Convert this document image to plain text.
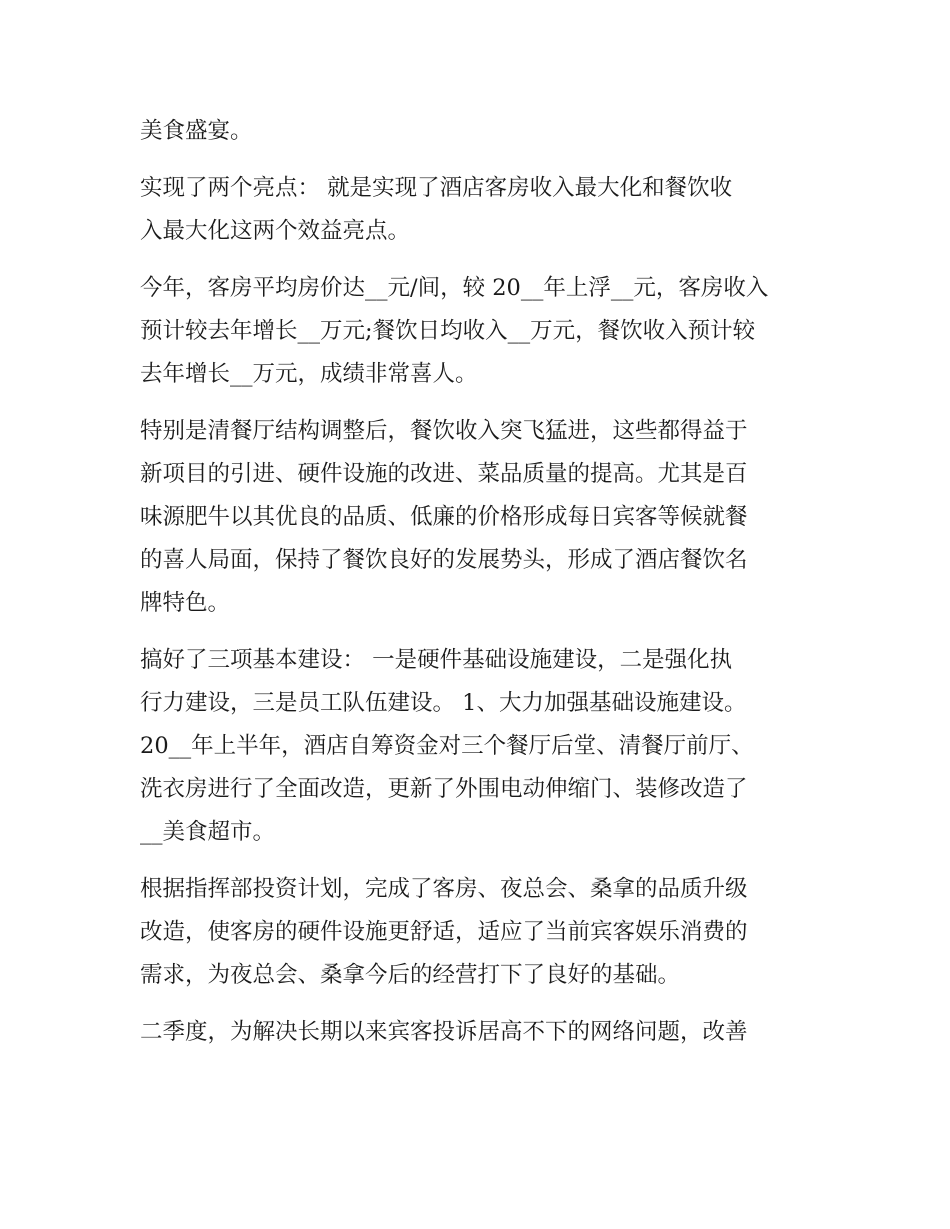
美食盛宴。
实现了两个亮点： 就是实现了酒店客房收入最大化和餐饮收
入最大化这两个效益亮点。
今年，客房平均房价达__元/间，较 20__年上浮__元，客房收入
预计较去年增长__万元;餐饮日均收入__万元，餐饮收入预计较
去年增长__万元，成绩非常喜人。
特别是清餐厅结构调整后，餐饮收入突飞猛进，这些都得益于
新项目的引进、硬件设施的改进、菜品质量的提高。尤其是百
味源肥牛以其优良的品质、低廉的价格形成每日宾客等候就餐
的喜人局面，保持了餐饮良好的发展势头，形成了酒店餐饮名
牌特色。
搞好了三项基本建设： 一是硬件基础设施建设，二是强化执
行力建设，三是员工队伍建设。 1、大力加强基础设施建设。
20__年上半年，酒店自筹资金对三个餐厅后堂、清餐厅前厅、
洗衣房进行了全面改造，更新了外围电动伸缩门、装修改造了
__美食超市。
根据指挥部投资计划，完成了客房、夜总会、桑拿的品质升级
改造，使客房的硬件设施更舒适，适应了当前宾客娱乐消费的
需求，为夜总会、桑拿今后的经营打下了良好的基础。
二季度，为解决长期以来宾客投诉居高不下的网络问题，改善
